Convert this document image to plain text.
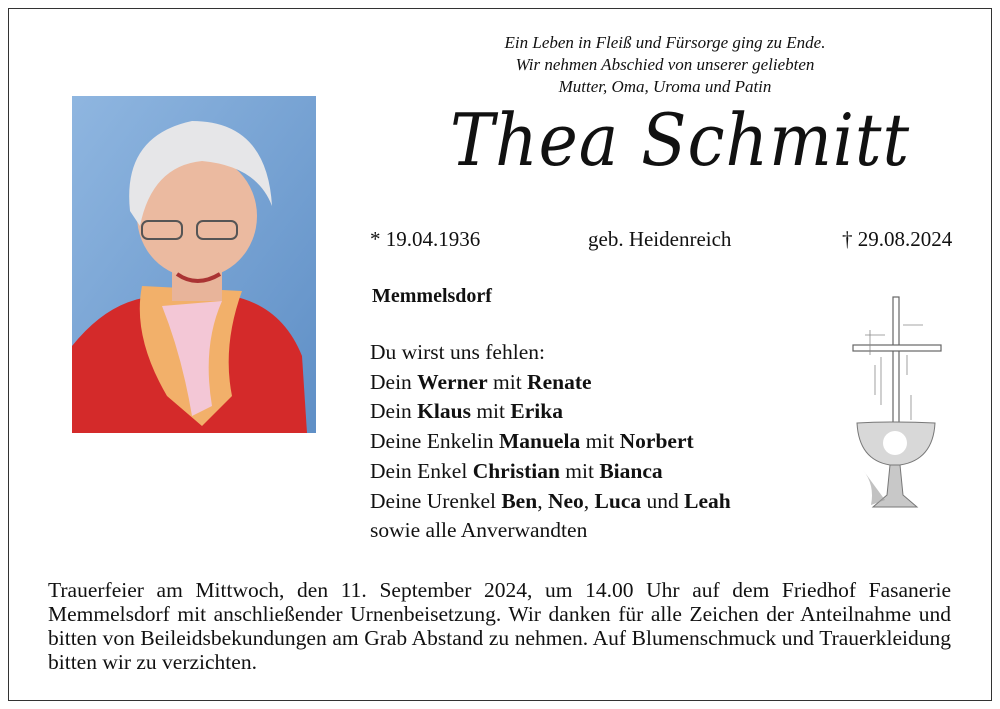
Ein Leben in Fleiß und Fürsorge ging zu Ende.
Wir nehmen Abschied von unserer geliebten
Mutter, Oma, Uroma und Patin
Thea Schmitt
* 19.04.1936	geb. Heidenreich	† 29.08.2024
Memmelsdorf
Du wirst uns fehlen:
Dein Werner mit Renate
Dein Klaus mit Erika
Deine Enkelin Manuela mit Norbert
Dein Enkel Christian mit Bianca
Deine Urenkel Ben, Neo, Luca und Leah
sowie alle Anverwandten
Trauerfeier am Mittwoch, den 11. September 2024, um 14.00 Uhr auf dem Friedhof Fasanerie Memmelsdorf mit anschließender Urnenbeisetzung. Wir danken für alle Zeichen der Anteilnahme und bitten von Beileidsbekundungen am Grab Abstand zu nehmen. Auf Blumenschmuck und Trauerkleidung bitten wir zu verzichten.
